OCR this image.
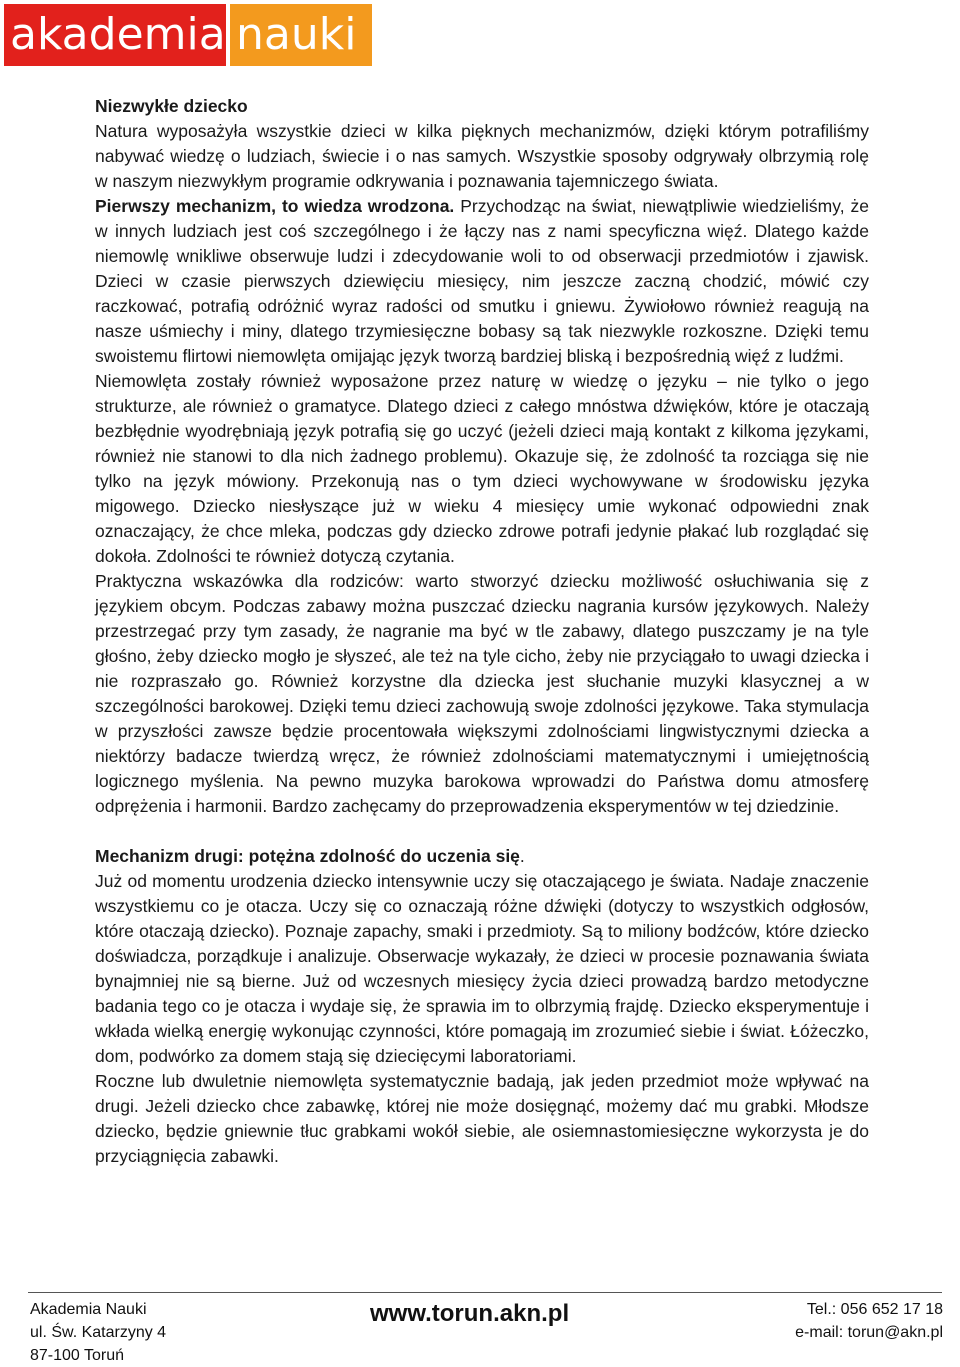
akademia nauki

Niezwykłe dziecko

Natura wyposażyła wszystkie dzieci w kilka pięknych mechanizmów, dzięki którym potrafiliśmy nabywać wiedzę o ludziach, świecie i o nas samych. Wszystkie sposoby odgrywały olbrzymią rolę w naszym niezwykłym programie odkrywania i poznawania tajemniczego świata.

Pierwszy mechanizm, to wiedza wrodzona. Przychodząc na świat, niewątpliwie wiedzieliśmy, że w innych ludziach jest coś szczególnego i że łączy nas z nami specyficzna więź. Dlatego każde niemowlę wnikliwe obserwuje ludzi i zdecydowanie woli to od obserwacji przedmiotów i zjawisk. Dzieci w czasie pierwszych dziewięciu miesięcy, nim jeszcze zaczną chodzić, mówić czy raczkować, potrafią odróżnić wyraz radości od smutku i gniewu. Żywiołowo również reagują na nasze uśmiechy i miny, dlatego trzymiesięczne bobasy są tak niezwykle rozkoszne. Dzięki temu swoistemu flirtowi niemowlęta omijając język tworzą bardziej bliską i bezpośrednią więź z ludźmi.

Niemowlęta zostały również wyposażone przez naturę w wiedzę o języku – nie tylko o jego strukturze, ale również o gramatyce. Dlatego dzieci z całego mnóstwa dźwięków, które je otaczają bezbłędnie wyodrębniają język potrafią się go uczyć (jeżeli dzieci mają kontakt z kilkoma językami, również nie stanowi to dla nich żadnego problemu). Okazuje się, że zdolność ta rozciąga się nie tylko na język mówiony. Przekonują nas o tym dzieci wychowywane w środowisku języka migowego. Dziecko niesłyszące już w wieku 4 miesięcy umie wykonać odpowiedni znak oznaczający, że chce mleka, podczas gdy dziecko zdrowe potrafi jedynie płakać lub rozglądać się dokoła. Zdolności te również dotyczą czytania.

Praktyczna wskazówka dla rodziców: warto stworzyć dziecku możliwość osłuchiwania się z językiem obcym. Podczas zabawy można puszczać dziecku nagrania kursów językowych. Należy przestrzegać przy tym zasady, że nagranie ma być w tle zabawy, dlatego puszczamy je na tyle głośno, żeby dziecko mogło je słyszeć, ale też na tyle cicho, żeby nie przyciągało to uwagi dziecka i nie rozpraszało go. Również korzystne dla dziecka jest słuchanie muzyki klasycznej a w szczególności barokowej. Dzięki temu dzieci zachowują swoje zdolności językowe. Taka stymulacja w przyszłości zawsze będzie procentowała większymi zdolnościami lingwistycznymi dziecka a niektórzy badacze twierdzą wręcz, że również zdolnościami matematycznymi i umiejętnością logicznego myślenia. Na pewno muzyka barokowa wprowadzi do Państwa domu atmosferę odprężenia i harmonii. Bardzo zachęcamy do przeprowadzenia eksperymentów w tej dziedzinie.

Mechanizm drugi: potężna zdolność do uczenia się.

Już od momentu urodzenia dziecko intensywnie uczy się otaczającego je świata. Nadaje znaczenie wszystkiemu co je otacza. Uczy się co oznaczają różne dźwięki (dotyczy to wszystkich odgłosów, które otaczają dziecko). Poznaje zapachy, smaki i przedmioty. Są to miliony bodźców, które dziecko doświadcza, porządkuje i analizuje. Obserwacje wykazały, że dzieci w procesie poznawania świata bynajmniej nie są bierne. Już od wczesnych miesięcy życia dzieci prowadzą bardzo metodyczne badania tego co je otacza i wydaje się, że sprawia im to olbrzymią frajdę. Dziecko eksperymentuje i wkłada wielką energię wykonując czynności, które pomagają im zrozumieć siebie i świat. Łóżeczko, dom, podwórko za domem stają się dziecięcymi laboratoriami.

Roczne lub dwuletnie niemowlęta systematycznie badają, jak jeden przedmiot może wpływać na drugi. Jeżeli dziecko chce zabawkę, której nie może dosięgnąć, możemy dać mu grabki. Młodsze dziecko, będzie gniewnie tłuc grabkami wokół siebie, ale osiemnastomiesięczne wykorzysta je do przyciągnięcia zabawki.

Akademia Nauki
ul. Św. Katarzyny 4
87-100 Toruń
www.torun.akn.pl	Tel.: 056 652 17 18
e-mail: torun@akn.pl
